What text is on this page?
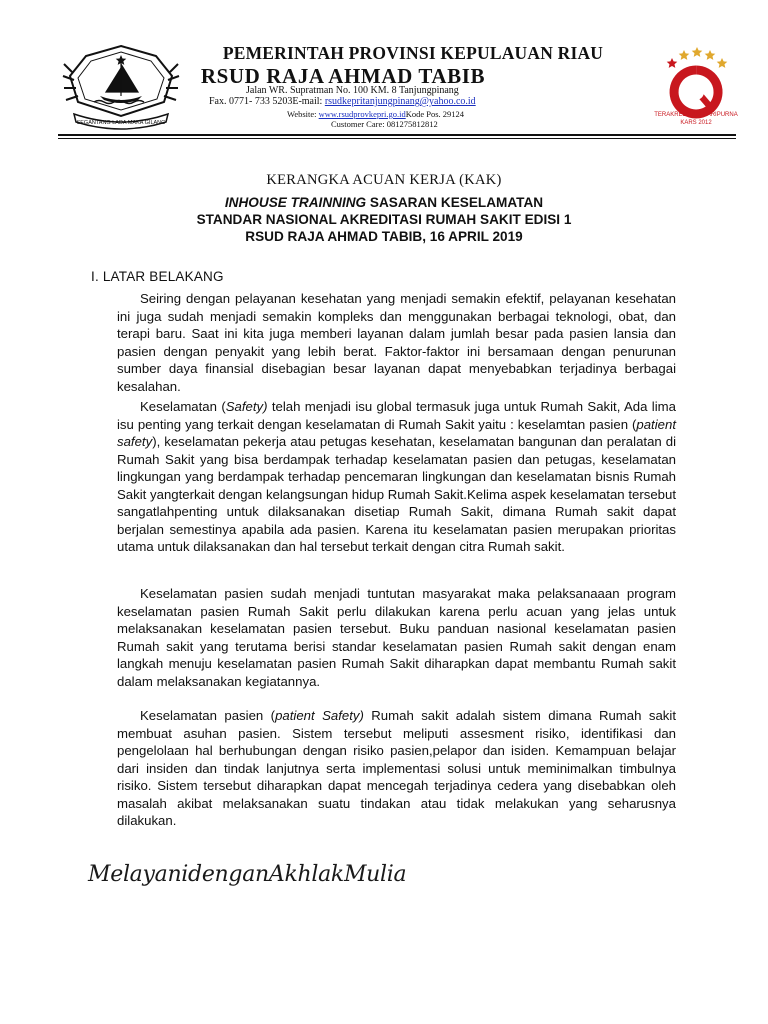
SEGANTANG LADA MAKA GILANG
PEMERINTAH PROVINSI KEPULAUAN RIAU
RSUD RAJA AHMAD TABIB
Jalan WR. Supratman No. 100 KM. 8 Tanjungpinang
Fax. 0771- 733 5203E-mail: rsudkepritanjungpinang@yahoo.co.id
Website: www.rsudprovkepri.go.idKode Pos. 29124
Customer Care: 081275812812
TERAKREDITASI PARIPURNA
KARS 2012
KERANGKA ACUAN KERJA (KAK)
INHOUSE TRAINNING SASARAN KESELAMATAN
STANDAR NASIONAL AKREDITASI RUMAH SAKIT EDISI 1
RSUD RAJA AHMAD TABIB, 16 APRIL 2019
I. LATAR BELAKANG

Seiring dengan pelayanan kesehatan yang menjadi semakin efektif, pelayanan kesehatan ini juga sudah menjadi semakin kompleks dan menggunakan berbagai teknologi, obat, dan terapi baru. Saat ini kita juga memberi layanan dalam jumlah besar pada pasien lansia dan pasien dengan penyakit yang lebih berat. Faktor-faktor ini bersamaan dengan penurunan sumber daya finansial disebagian besar layanan dapat menyebabkan terjadinya berbagai kesalahan.

Keselamatan (Safety) telah menjadi isu global termasuk juga untuk Rumah Sakit, Ada lima isu penting yang terkait dengan keselamatan di Rumah Sakit yaitu : keselamtan pasien (patient safety), keselamatan pekerja atau petugas kesehatan, keselamatan bangunan dan peralatan di Rumah Sakit yang bisa berdampak terhadap keselamatan pasien dan petugas, keselamatan lingkungan yang berdampak terhadap pencemaran lingkungan dan keselamatan bisnis Rumah Sakit yangterkait dengan kelangsungan hidup Rumah Sakit.Kelima aspek keselamatan tersebut sangatlahpenting untuk dilaksanakan disetiap Rumah Sakit, dimana Rumah sakit dapat berjalan semestinya apabila ada pasien. Karena itu keselamatan pasien merupakan prioritas utama untuk dilaksanakan dan hal tersebut terkait dengan citra Rumah sakit.

Keselamatan pasien sudah menjadi tuntutan masyarakat maka pelaksanaaan program keselamatan pasien Rumah Sakit perlu dilakukan karena perlu acuan yang jelas untuk melaksanakan keselamatan pasien tersebut. Buku panduan nasional keselamatan pasien Rumah sakit yang terutama berisi standar keselamatan pasien Rumah sakit dengan enam langkah menuju keselamatan pasien Rumah Sakit diharapkan dapat membantu Rumah sakit dalam melaksanakan kegiatannya.

Keselamatan pasien (patient Safety) Rumah sakit adalah sistem dimana Rumah sakit membuat asuhan pasien. Sistem tersebut meliputi assesment risiko, identifikasi dan pengelolaan hal berhubungan dengan risiko pasien,pelapor dan isiden. Kemampuan belajar dari insiden dan tindak lanjutnya serta implementasi solusi untuk meminimalkan timbulnya risiko. Sistem tersebut diharapkan dapat mencegah terjadinya cedera yang disebabkan oleh masalah akibat melaksanakan suatu tindakan atau tidak melakukan yang seharusnya dilakukan.

MelayanidenganAkhlakMulia
